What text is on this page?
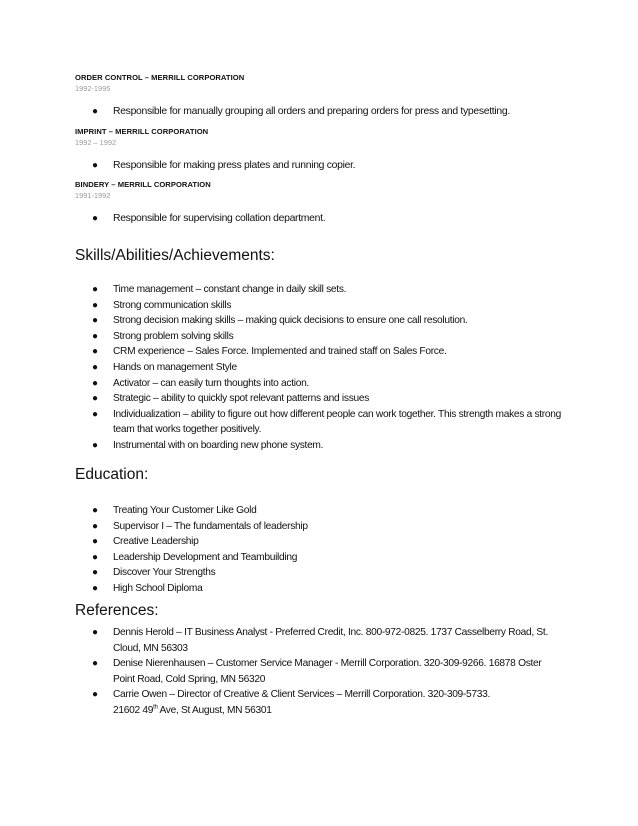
ORDER CONTROL – MERRILL CORPORATION
1992-1995
● Responsible for manually grouping all orders and preparing orders for press and typesetting.
IMPRINT – MERRILL CORPORATION
1992 – 1992
● Responsible for making press plates and running copier.
BINDERY – MERRILL CORPORATION
1991-1992
● Responsible for supervising collation department.
Skills/Abilities/Achievements:
● Time management – constant change in daily skill sets.
● Strong communication skills
● Strong decision making skills – making quick decisions to ensure one call resolution.
● Strong problem solving skills
● CRM experience – Sales Force. Implemented and trained staff on Sales Force.
● Hands on management Style
● Activator – can easily turn thoughts into action.
● Strategic – ability to quickly spot relevant patterns and issues
● Individualization – ability to figure out how different people can work together. This strength makes a strong team that works together positively.
● Instrumental with on boarding new phone system.
Education:
● Treating Your Customer Like Gold
● Supervisor I – The fundamentals of leadership
● Creative Leadership
● Leadership Development and Teambuilding
● Discover Your Strengths
● High School Diploma
References:
● Dennis Herold – IT Business Analyst - Preferred Credit, Inc. 800-972-0825. 1737 Casselberry Road, St. Cloud, MN 56303
● Denise Nierenhausen – Customer Service Manager - Merrill Corporation. 320-309-9266. 16878 Oster Point Road, Cold Spring, MN 56320
● Carrie Owen – Director of Creative & Client Services – Merrill Corporation. 320-309-5733.
21602 49th Ave, St August, MN 56301
